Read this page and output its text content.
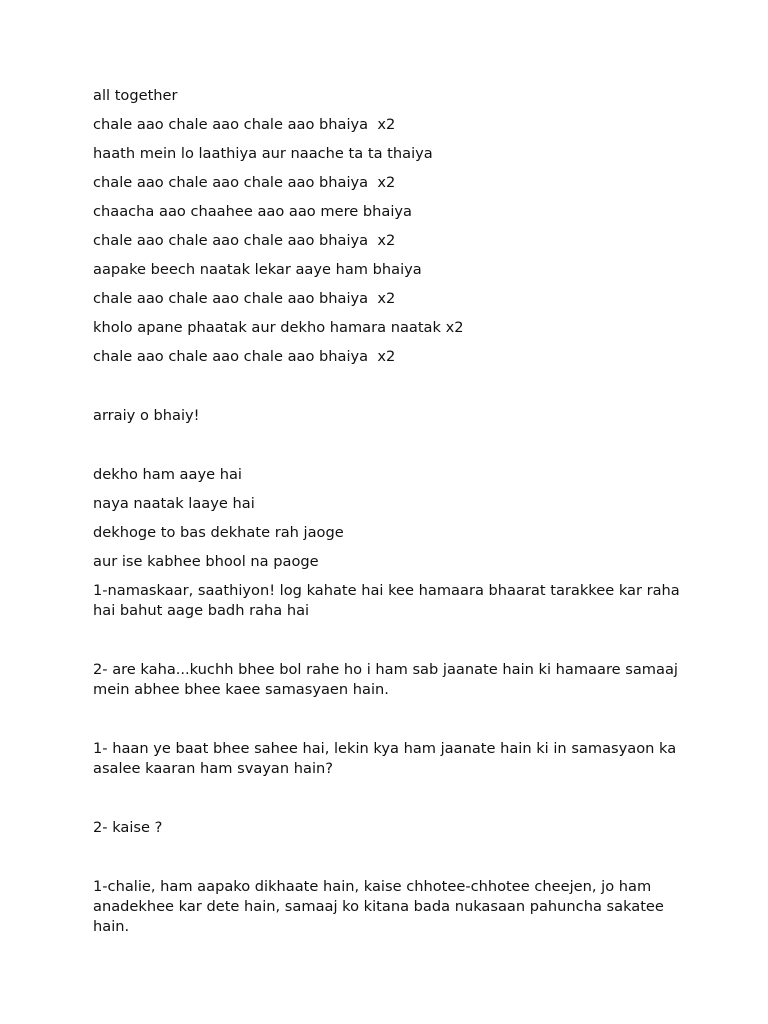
all together

chale aao chale aao chale aao bhaiya  x2

haath mein lo laathiya aur naache ta ta thaiya

chale aao chale aao chale aao bhaiya  x2

chaacha aao chaahee aao aao mere bhaiya

chale aao chale aao chale aao bhaiya  x2

aapake beech naatak lekar aaye ham bhaiya

chale aao chale aao chale aao bhaiya  x2

kholo apane phaatak aur dekho hamara naatak x2

chale aao chale aao chale aao bhaiya  x2

arraiy o bhaiy!

dekho ham aaye hai

naya naatak laaye hai

dekhoge to bas dekhate rah jaoge

aur ise kabhee bhool na paoge

1-namaskaar, saathiyon! log kahate hai kee hamaara bhaarat tarakkee kar raha hai bahut aage badh raha hai

2- are kaha...kuchh bhee bol rahe ho i ham sab jaanate hain ki hamaare samaaj mein abhee bhee kaee samasyaen hain.

1- haan ye baat bhee sahee hai, lekin kya ham jaanate hain ki in samasyaon ka asalee kaaran ham svayan hain?

2- kaise ?

1-chalie, ham aapako dikhaate hain, kaise chhotee-chhotee cheejen, jo ham anadekhee kar dete hain, samaaj ko kitana bada nukasaan pahuncha sakatee hain.
